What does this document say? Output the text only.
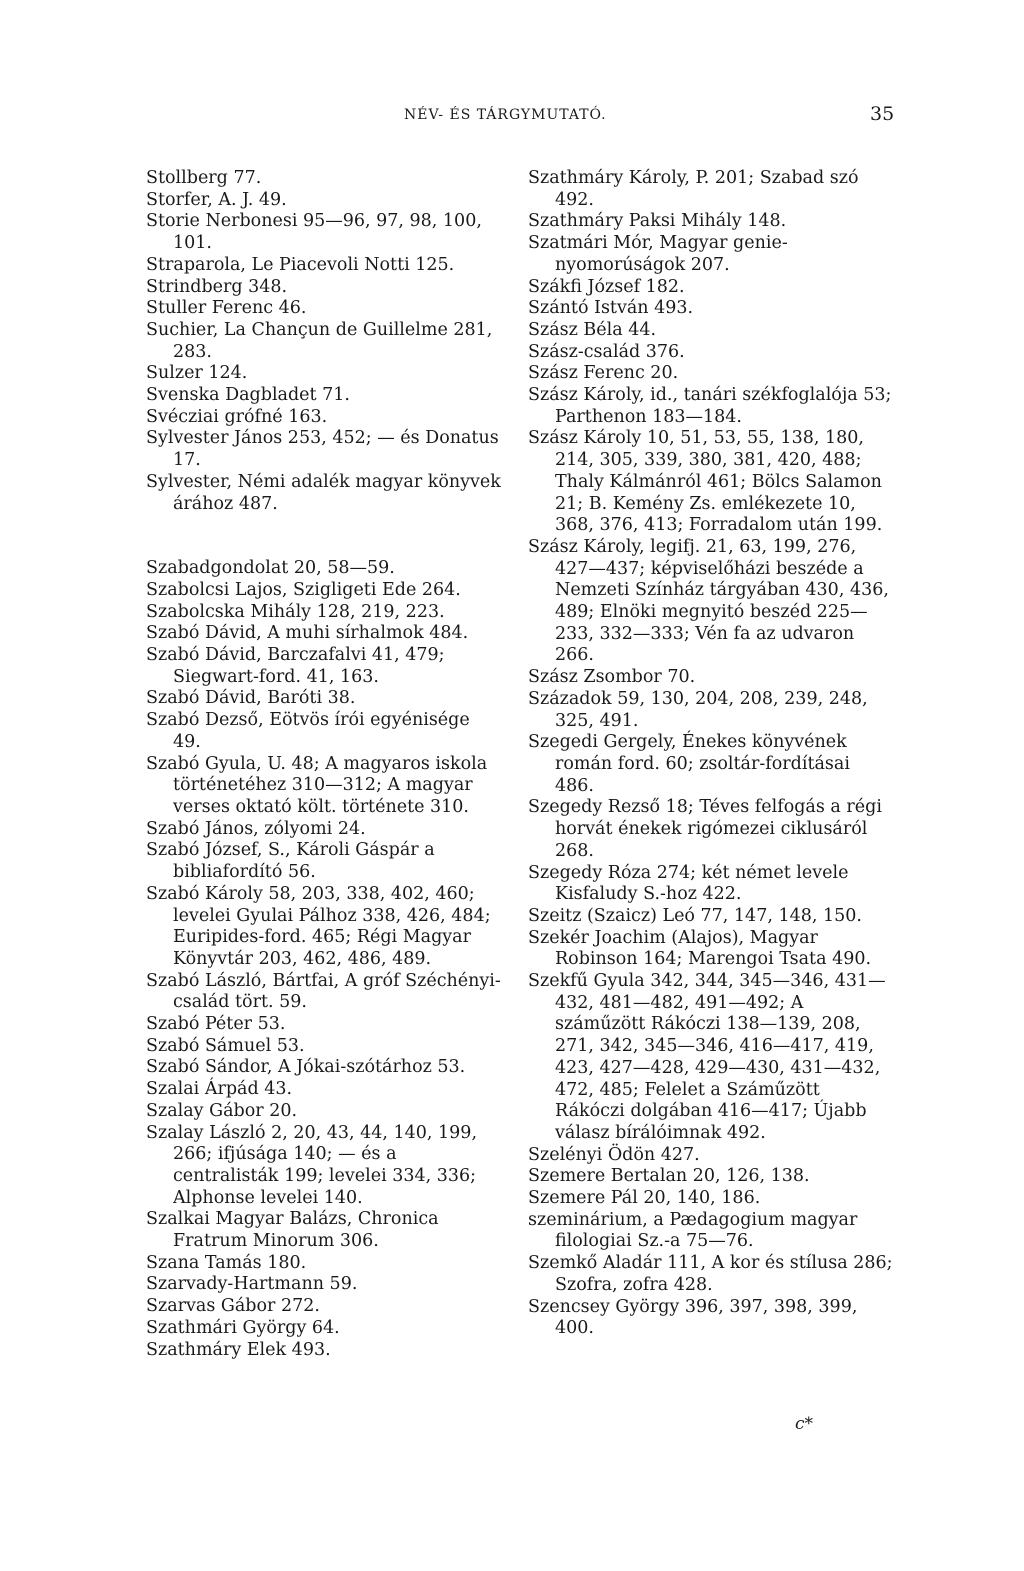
NÉV- ÉS TÁRGYMUTATÓ.	35
Stollberg 77.
Storfer, A. J. 49.
Storie Nerbonesi 95—96, 97, 98, 100, 101.
Straparola, Le Piacevoli Notti 125.
Strindberg 348.
Stuller Ferenc 46.
Suchier, La Chançun de Guillelme 281, 283.
Sulzer 124.
Svenska Dagbladet 71.
Svécziai grófné 163.
Sylvester János 253, 452; — és Donatus 17.
Sylvester, Némi adalék magyar könyvek árához 487.
Szabadgondolat 20, 58—59.
Szabolcsi Lajos, Szigligeti Ede 264.
Szabolcska Mihály 128, 219, 223.
Szabó Dávid, A muhi sírhalmok 484.
Szabó Dávid, Barczafalvi 41, 479; Siegwart-ford. 41, 163.
Szabó Dávid, Baróti 38.
Szabó Dezső, Eötvös írói egyénisége 49.
Szabó Gyula, U. 48; A magyaros iskola történetéhez 310—312; A magyar verses oktató költ. története 310.
Szabó János, zólyomi 24.
Szabó József, S., Károli Gáspár a bibliafordító 56.
Szabó Károly 58, 203, 338, 402, 460; levelei Gyulai Pálhoz 338, 426, 484; Euripides-ford. 465; Régi Magyar Könyvtár 203, 462, 486, 489.
Szabó László, Bártfai, A gróf Széchényi-család tört. 59.
Szabó Péter 53.
Szabó Sámuel 53.
Szabó Sándor, A Jókai-szótárhoz 53.
Szalai Árpád 43.
Szalay Gábor 20.
Szalay László 2, 20, 43, 44, 140, 199, 266; ifjúsága 140; — és a centralisták 199; levelei 334, 336; Alphonse levelei 140.
Szalkai Magyar Balázs, Chronica Fratrum Minorum 306.
Szana Tamás 180.
Szarvady-Hartmann 59.
Szarvas Gábor 272.
Szathmári György 64.
Szathmáry Elek 493.
Szathmáry Károly, P. 201; Szabad szó 492.
Szathmáry Paksi Mihály 148.
Szatmári Mór, Magyar genie-nyomorúságok 207.
Szákfi József 182.
Szántó István 493.
Szász Béla 44.
Szász-család 376.
Szász Ferenc 20.
Szász Károly, id., tanári székfoglalója 53; Parthenon 183—184.
Szász Károly 10, 51, 53, 55, 138, 180, 214, 305, 339, 380, 381, 420, 488; Thaly Kálmánról 461; Bölcs Salamon 21; B. Kemény Zs. emlékezete 10, 368, 376, 413; Forradalom után 199.
Szász Károly, legifj. 21, 63, 199, 276, 427—437; képviselőházi beszéde a Nemzeti Színház tárgyában 430, 436, 489; Elnöki megnyitó beszéd 225—233, 332—333; Vén fa az udvaron 266.
Szász Zsombor 70.
Századok 59, 130, 204, 208, 239, 248, 325, 491.
Szegedi Gergely, Énekes könyvének román ford. 60; zsoltár-fordításai 486.
Szegedy Rezső 18; Téves felfogás a régi horvát énekek rigómezei ciklusáról 268.
Szegedy Róza 274; két német levele Kisfaludy S.-hoz 422.
Szeitz (Szaicz) Leó 77, 147, 148, 150.
Szekér Joachim (Alajos), Magyar Robinson 164; Marengoi Tsata 490.
Szekfű Gyula 342, 344, 345—346, 431—432, 481—482, 491—492; A száműzött Rákóczi 138—139, 208, 271, 342, 345—346, 416—417, 419, 423, 427—428, 429—430, 431—432, 472, 485; Felelet a Száműzött Rákóczi dolgában 416—417; Újabb válasz bírálóimnak 492.
Szelényi Ödön 427.
Szemere Bertalan 20, 126, 138.
Szemere Pál 20, 140, 186.
szeminárium, a Pædagogium magyar filologiai Sz.-a 75—76.
Szemkő Aladár 111, A kor és stílusa 286; Szofra, zofra 428.
Szencsey György 396, 397, 398, 399, 400.
c*
